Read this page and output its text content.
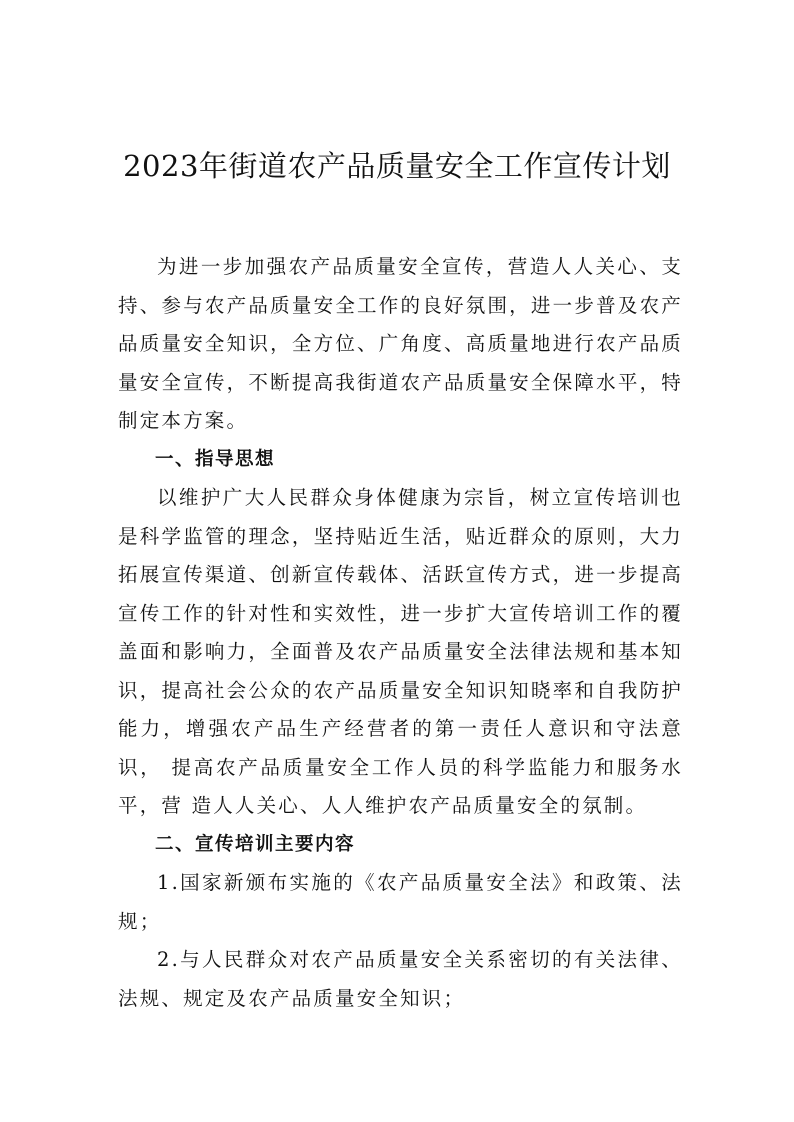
2023年街道农产品质量安全工作宣传计划

为进一步加强农产品质量安全宣传，营造人人关心、支持、参与农产品质量安全工作的良好氛围，进一步普及农产品质量安全知识，全方位、广角度、高质量地进行农产品质量安全宣传，不断提高我街道农产品质量安全保障水平，特制定本方案。

一、指导思想

以维护广大人民群众身体健康为宗旨，树立宣传培训也是科学监管的理念，坚持贴近生活，贴近群众的原则，大力拓展宣传渠道、创新宣传载体、活跃宣传方式，进一步提高宣传工作的针对性和实效性，进一步扩大宣传培训工作的覆 盖面和影响力，全面普及农产品质量安全法律法规和基本知 识，提高社会公众的农产品质量安全知识知晓率和自我防护 能力，增强农产品生产经营者的第一责任人意识和守法意识， 提高农产品质量安全工作人员的科学监能力和服务水平，营 造人人关心、人人维护农产品质量安全的氛制。

二、宣传培训主要内容

1.国家新颁布实施的《农产品质量安全法》和政策、法规；

2.与人民群众对农产品质量安全关系密切的有关法律、法规、规定及农产品质量安全知识；
